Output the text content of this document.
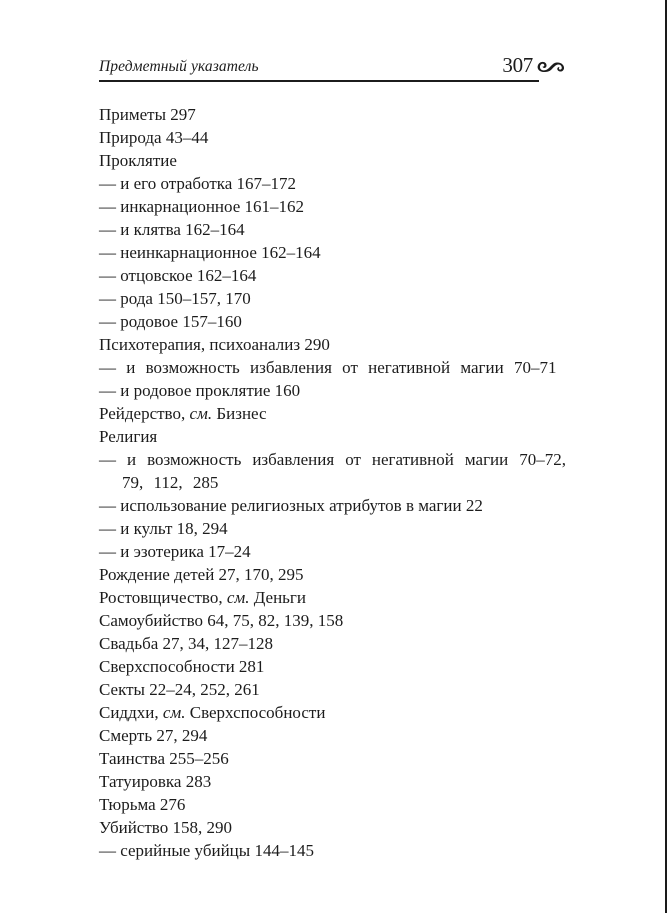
Предметный указатель	307
Приметы 297
Природа 43–44
Проклятие
— и его отработка 167–172
— инкарнационное 161–162
— и клятва 162–164
— неинкарнационное 162–164
— отцовское 162–164
— рода 150–157, 170
— родовое 157–160
Психотерапия, психоанализ 290
— и возможность избавления от негативной магии 70–71
— и родовое проклятие 160
Рейдерство, см. Бизнес
Религия
— и возможность избавления от негативной магии 70–72, 79, 112, 285
— использование религиозных атрибутов в магии 22
— и культ 18, 294
— и эзотерика 17–24
Рождение детей 27, 170, 295
Ростовщичество, см. Деньги
Самоубийство 64, 75, 82, 139, 158
Свадьба 27, 34, 127–128
Сверхспособности 281
Секты 22–24, 252, 261
Сиддхи, см. Сверхспособности
Смерть 27, 294
Таинства 255–256
Татуировка 283
Тюрьма 276
Убийство 158, 290
— серийные убийцы 144–145
